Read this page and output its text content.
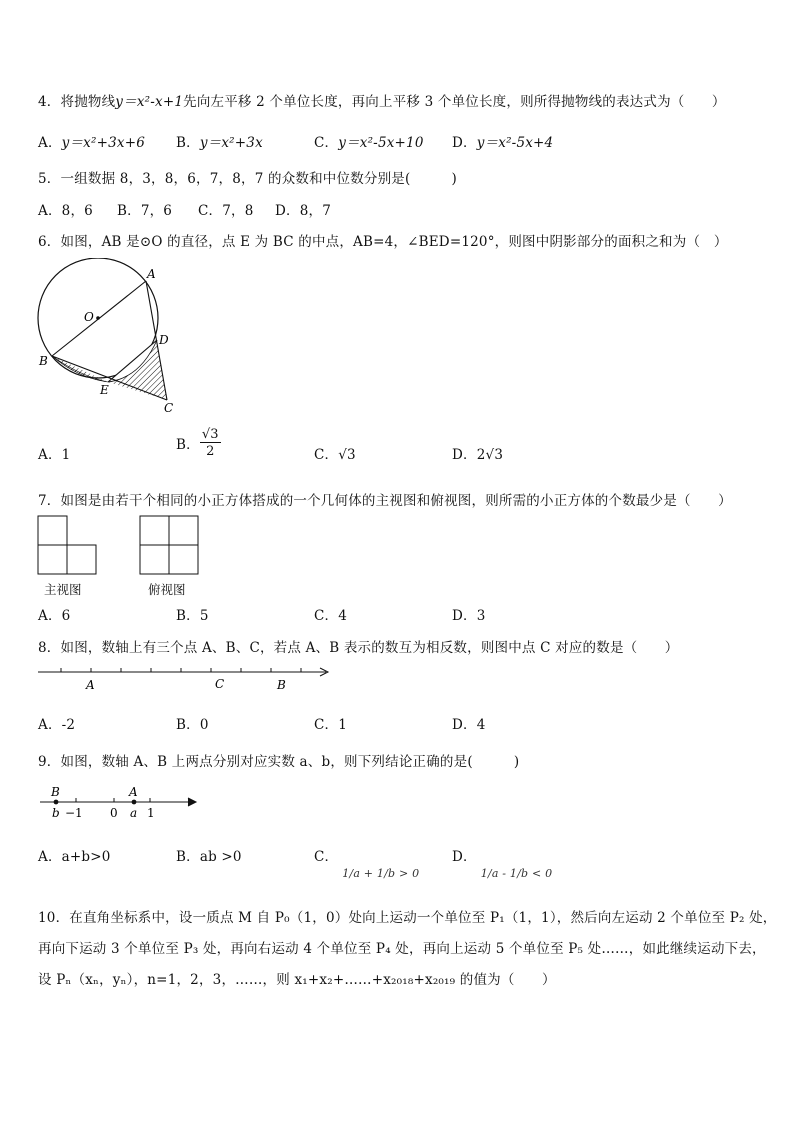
4．将抛物线y＝x²-x+1先向左平移 2 个单位长度，再向上平移 3 个单位长度，则所得抛物线的表达式为（　　）
A．y＝x²+3x+6 B．y＝x²+3x	C．y＝x²-5x+10 D．y＝x²-5x+4
5．一组数据 8，3，8，6，7，8，7 的众数和中位数分别是(　　　)
A．8，6 B．7，6 C．7，8 D．8，7
6．如图，AB 是⊙O 的直径，点 E 为 BC 的中点，AB=4，∠BED=120°，则图中阴影部分的面积之和为（　）
A
O
B
D
E
C
A．1
B． $\frac{√3}{2}$	C．√3	D．2√3
7．如图是由若干个相同的小正方体搭成的一个几何体的主视图和俯视图，则所需的小正方体的个数最少是（　　）
主视图	俯视图
A．6	B．5	C．4	D．3
8．如图，数轴上有三个点 A、B、C，若点 A、B 表示的数互为相反数，则图中点 C 对应的数是（　　）
A	C	B
A．-2	B．0	C．1	D．4
9．如图，数轴 A、B 上两点分别对应实数 a、b，则下列结论正确的是(　　　)
B	A
b −1 0 a 1
A．a+b>0	B．ab >0	C．1/a + 1/b > 0
D．1/a - 1/b < 0
10．在直角坐标系中，设一质点 M 自 P₀（1，0）处向上运动一个单位至 P₁（1，1），然后向左运动 2 个单位至 P₂ 处，
再向下运动 3 个单位至 P₃ 处，再向右运动 4 个单位至 P₄ 处，再向上运动 5 个单位至 P₅ 处……，如此继续运动下去，
设 Pₙ（xₙ，yₙ），n=1，2，3，……，则 x₁+x₂+……+x₂₀₁₈+x₂₀₁₉ 的值为（　　）
